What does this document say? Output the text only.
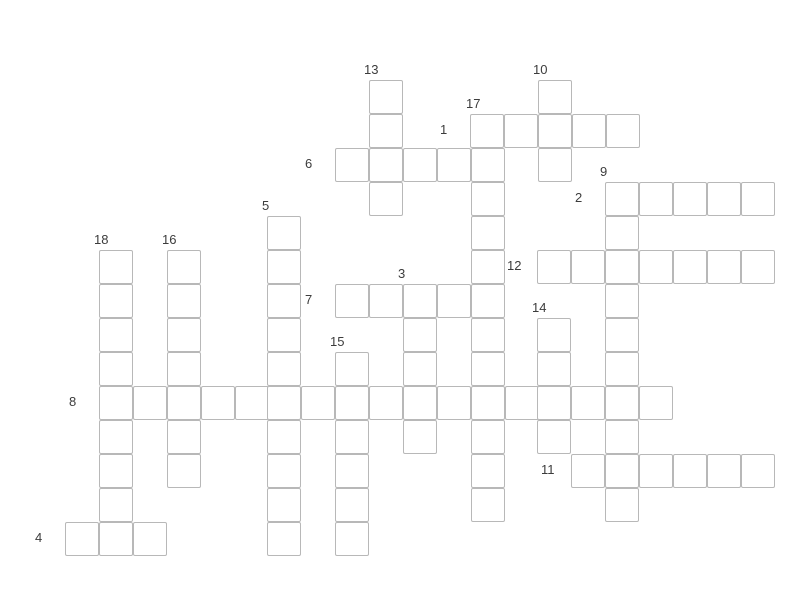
13	10
17
1
6
9
2
5
18	16
12
3
7
14
15
8
11
4
